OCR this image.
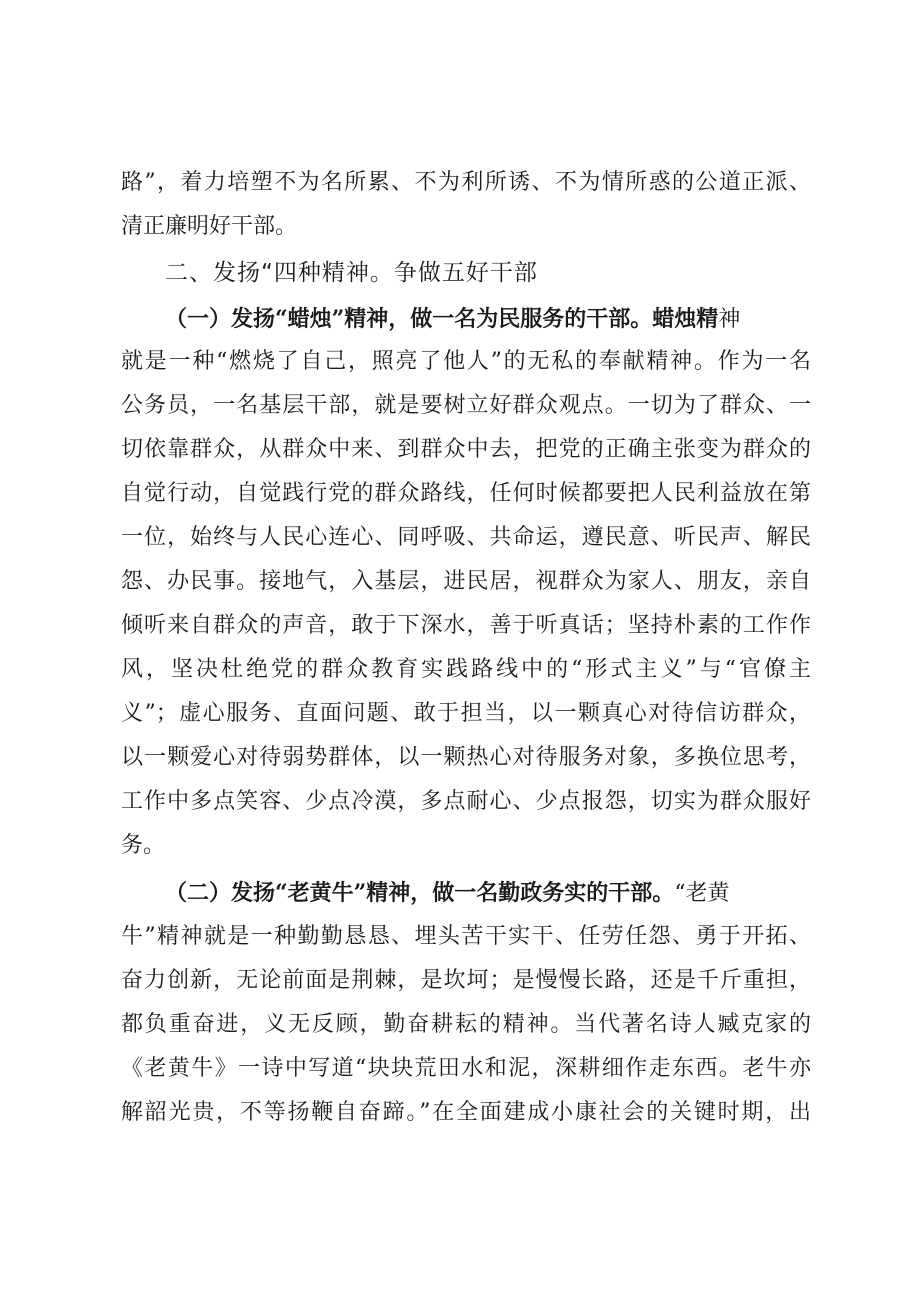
路”，着力培塑不为名所累、不为利所诱、不为情所惑的公道正派、
清正廉明好干部。
二、发扬“四种精神。争做五好干部
（一）发扬“蜡烛”精神，做一名为民服务的干部。蜡烛精神
就是一种“燃烧了自己，照亮了他人”的无私的奉献精神。作为一名
公务员，一名基层干部，就是要树立好群众观点。一切为了群众、一
切依靠群众，从群众中来、到群众中去，把党的正确主张变为群众的
自觉行动，自觉践行党的群众路线，任何时候都要把人民利益放在第
一位，始终与人民心连心、同呼吸、共命运，遵民意、听民声、解民
怨、办民事。接地气，入基层，进民居，视群众为家人、朋友，亲自
倾听来自群众的声音，敢于下深水，善于听真话；坚持朴素的工作作
风，坚决杜绝党的群众教育实践路线中的“形式主义”与“官僚主
义”；虚心服务、直面问题、敢于担当，以一颗真心对待信访群众，
以一颗爱心对待弱势群体，以一颗热心对待服务对象，多换位思考，
工作中多点笑容、少点冷漠，多点耐心、少点报怨，切实为群众服好
务。
（二）发扬“老黄牛”精神，做一名勤政务实的干部。“老黄
牛”精神就是一种勤勤恳恳、埋头苦干实干、任劳任怨、勇于开拓、
奋力创新，无论前面是荆棘，是坎坷；是慢慢长路，还是千斤重担，
都负重奋进，义无反顾，勤奋耕耘的精神。当代著名诗人臧克家的
《老黄牛》一诗中写道“块块荒田水和泥，深耕细作走东西。老牛亦
解韶光贵，不等扬鞭自奋蹄。”在全面建成小康社会的关键时期，出
